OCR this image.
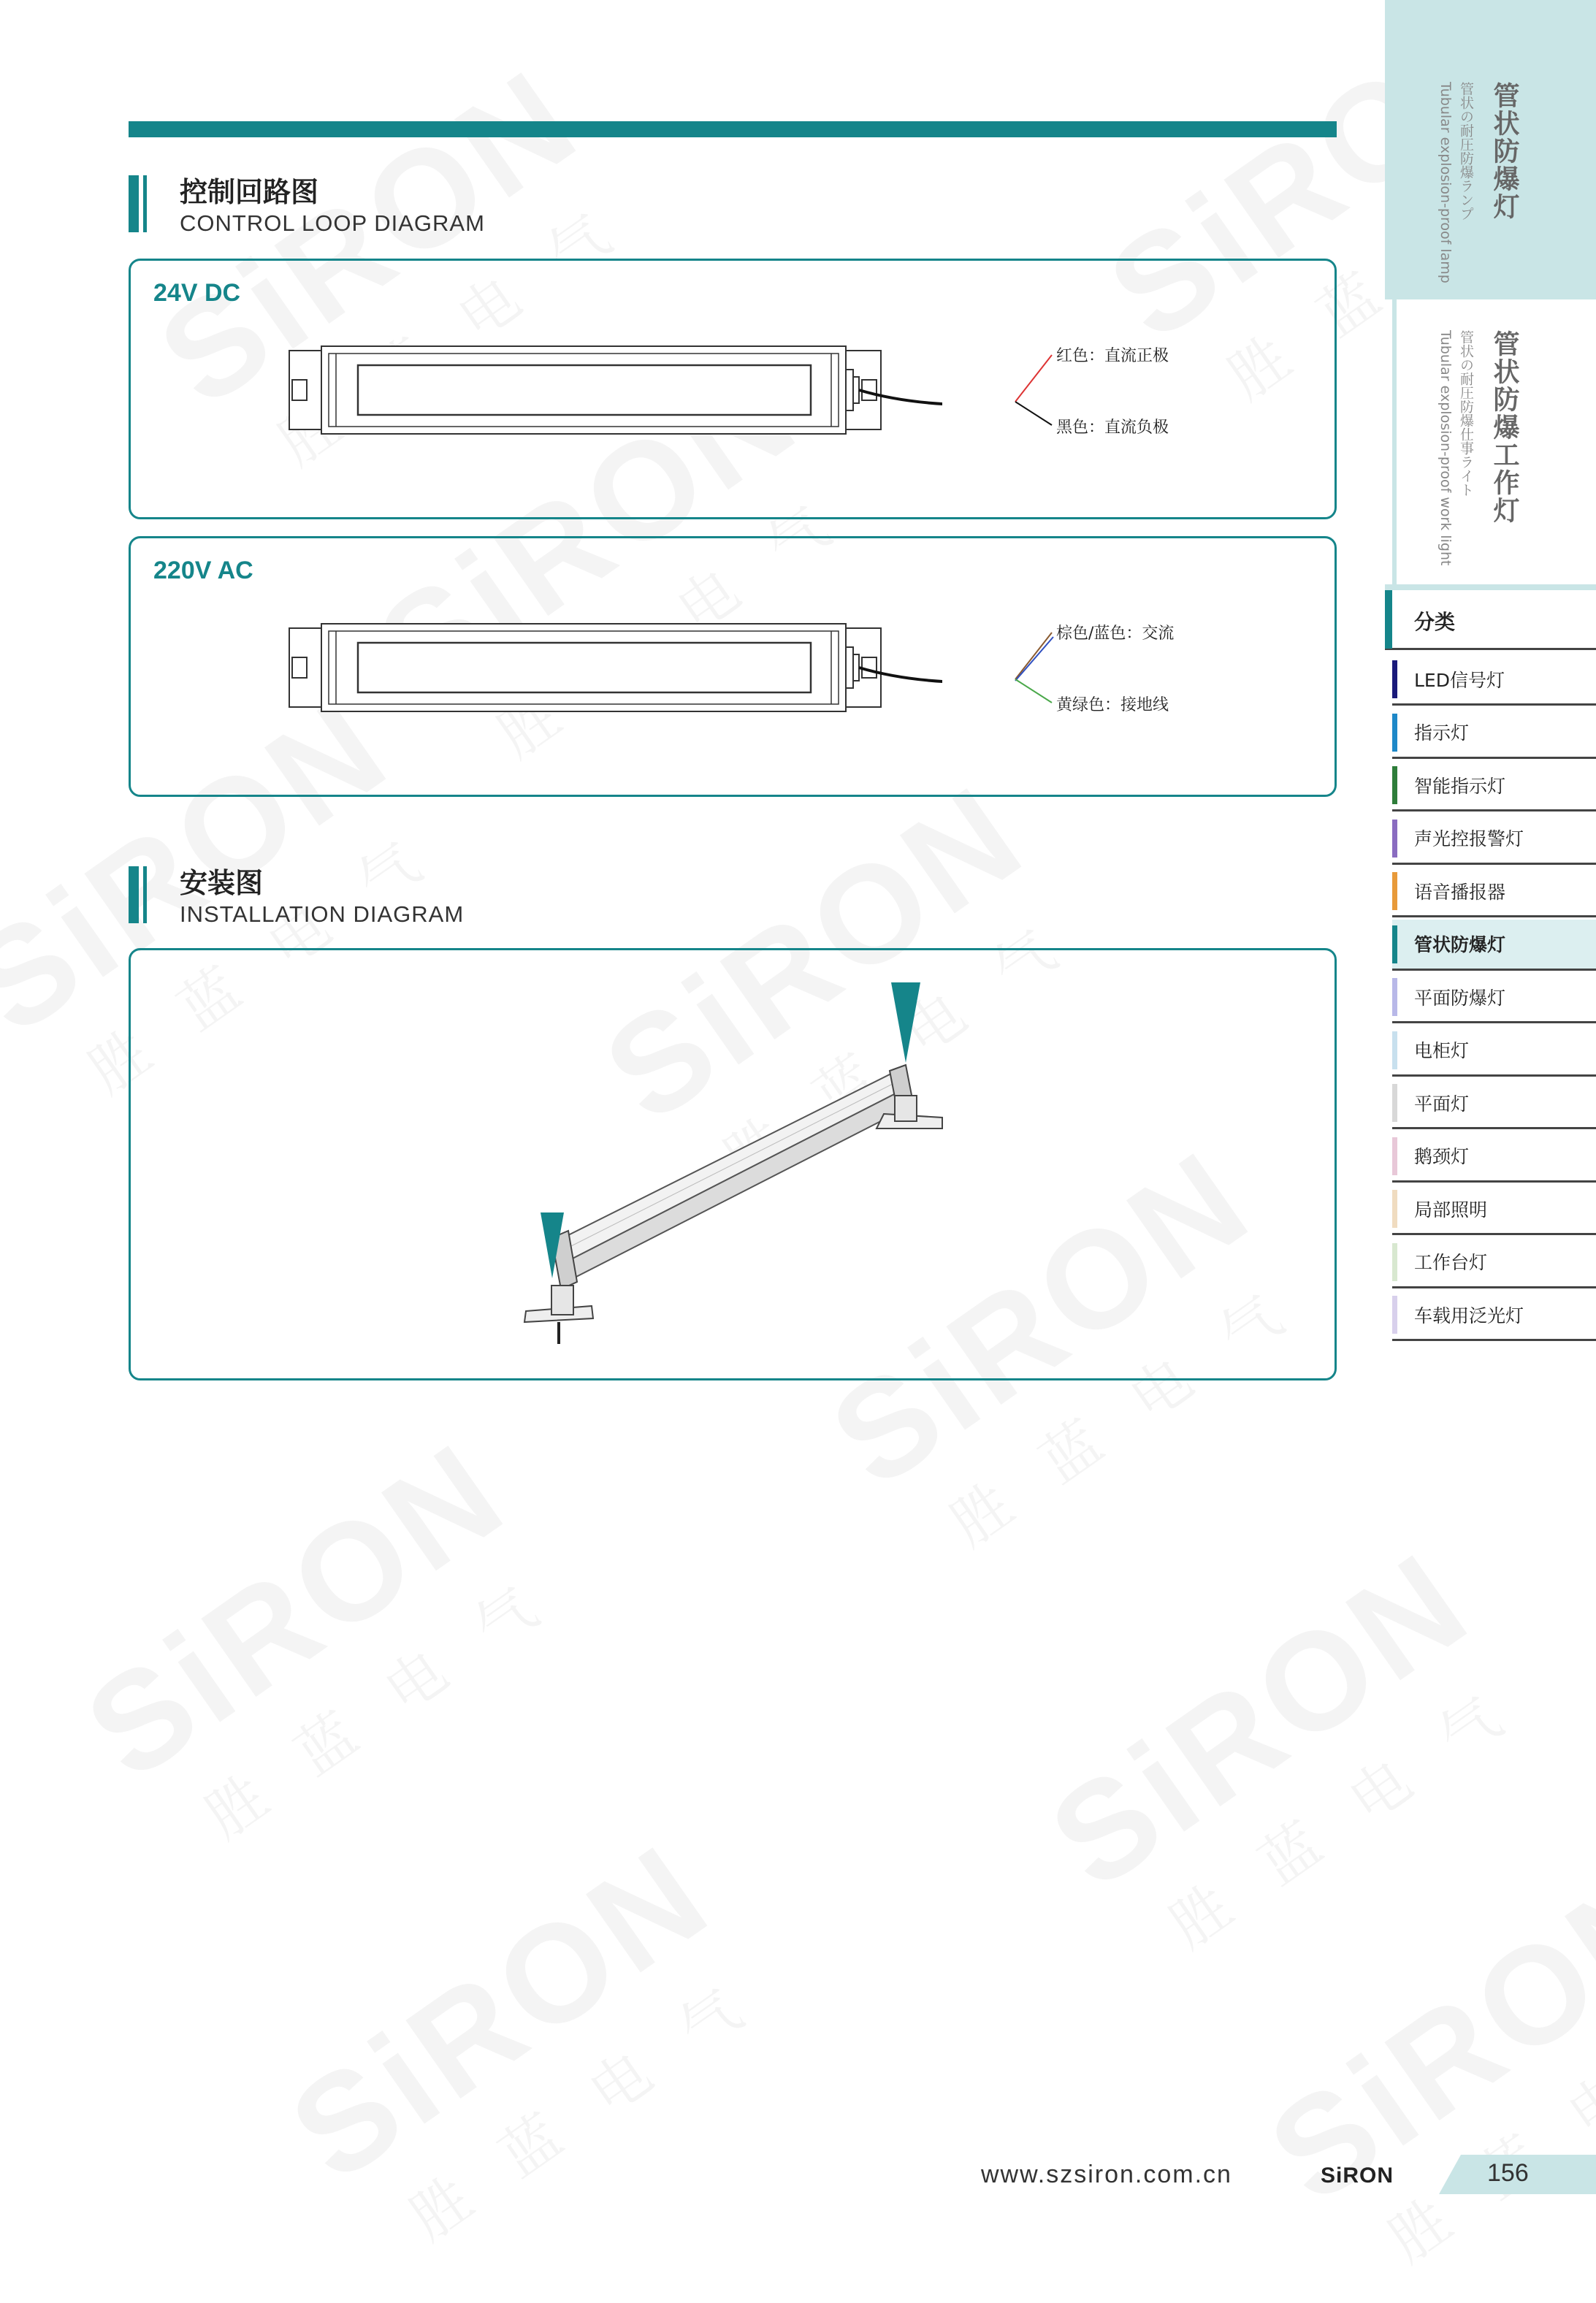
控制回路图
CONTROL LOOP DIAGRAM
24V DC
红色：直流正极
黑色：直流负极
220V AC
棕色/蓝色：交流
黄绿色：接地线
安装图
INSTALLATION DIAGRAM
管状防爆灯
管状の耐圧防爆ランプ
Tubular explosion-proof lamp
管状防爆工作灯
管状の耐圧防爆仕事ライト
Tubular explosion-proof work light
分类
LED信号灯
指示灯
智能指示灯
声光控报警灯
语音播报器
管状防爆灯
平面防爆灯
电柜灯
平面灯
鹅颈灯
局部照明
工作台灯
车载用泛光灯
www.szsiron.com.cn	SiRON	156
